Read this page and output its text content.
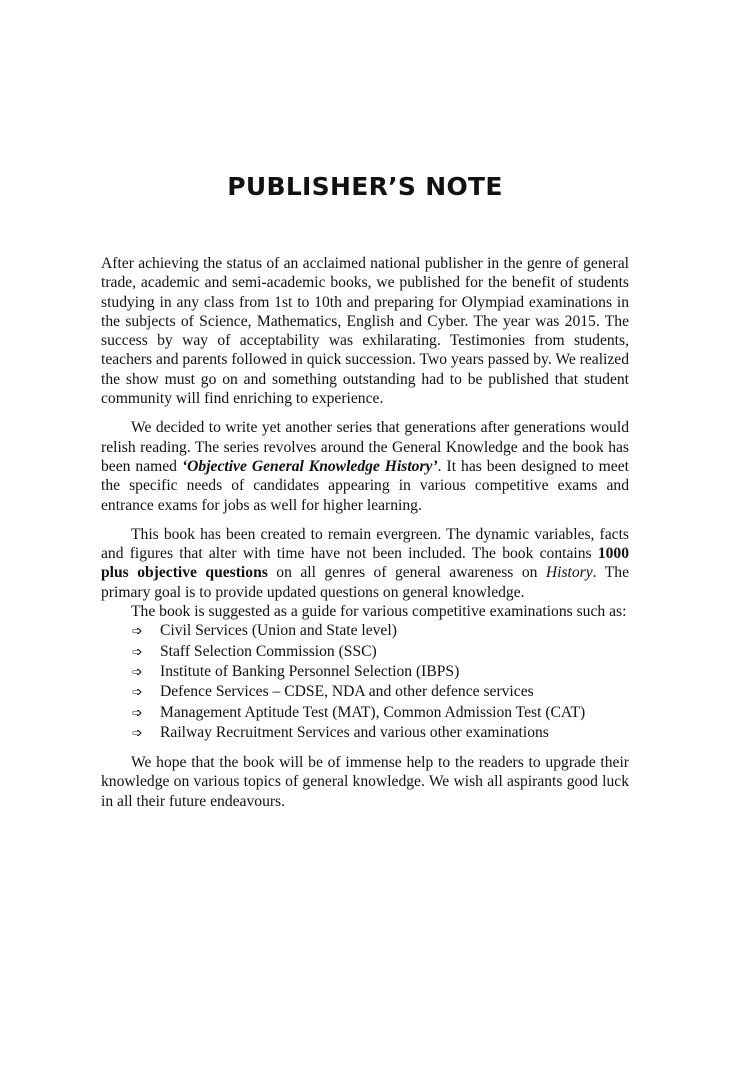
PUBLISHER’S NOTE

After achieving the status of an acclaimed national publisher in the genre of general trade, academic and semi-academic books, we published for the benefit of students studying in any class from 1st to 10th and preparing for Olympiad examinations in the subjects of Science, Mathematics, English and Cyber. The year was 2015. The success by way of acceptability was exhilarating. Testimonies from students, teachers and parents followed in quick succession. Two years passed by. We realized the show must go on and something outstanding had to be published that student community will find enriching to experience.

We decided to write yet another series that generations after generations would relish reading. The series revolves around the General Knowledge and the book has been named ‘Objective General Knowledge History’. It has been designed to meet the specific needs of candidates appearing in various competitive exams and entrance exams for jobs as well for higher learning.

This book has been created to remain evergreen. The dynamic variables, facts and figures that alter with time have not been included. The book contains 1000 plus objective questions on all genres of general awareness on History. The primary goal is to provide updated questions on general knowledge.

The book is suggested as a guide for various competitive examinations such as:

➩	Civil Services (Union and State level)
➩	Staff Selection Commission (SSC)
➩	Institute of Banking Personnel Selection (IBPS)
➩	Defence Services – CDSE, NDA and other defence services
➩	Management Aptitude Test (MAT), Common Admission Test (CAT)
➩	Railway Recruitment Services and various other examinations

We hope that the book will be of immense help to the readers to upgrade their knowledge on various topics of general knowledge. We wish all aspirants good luck in all their future endeavours.
